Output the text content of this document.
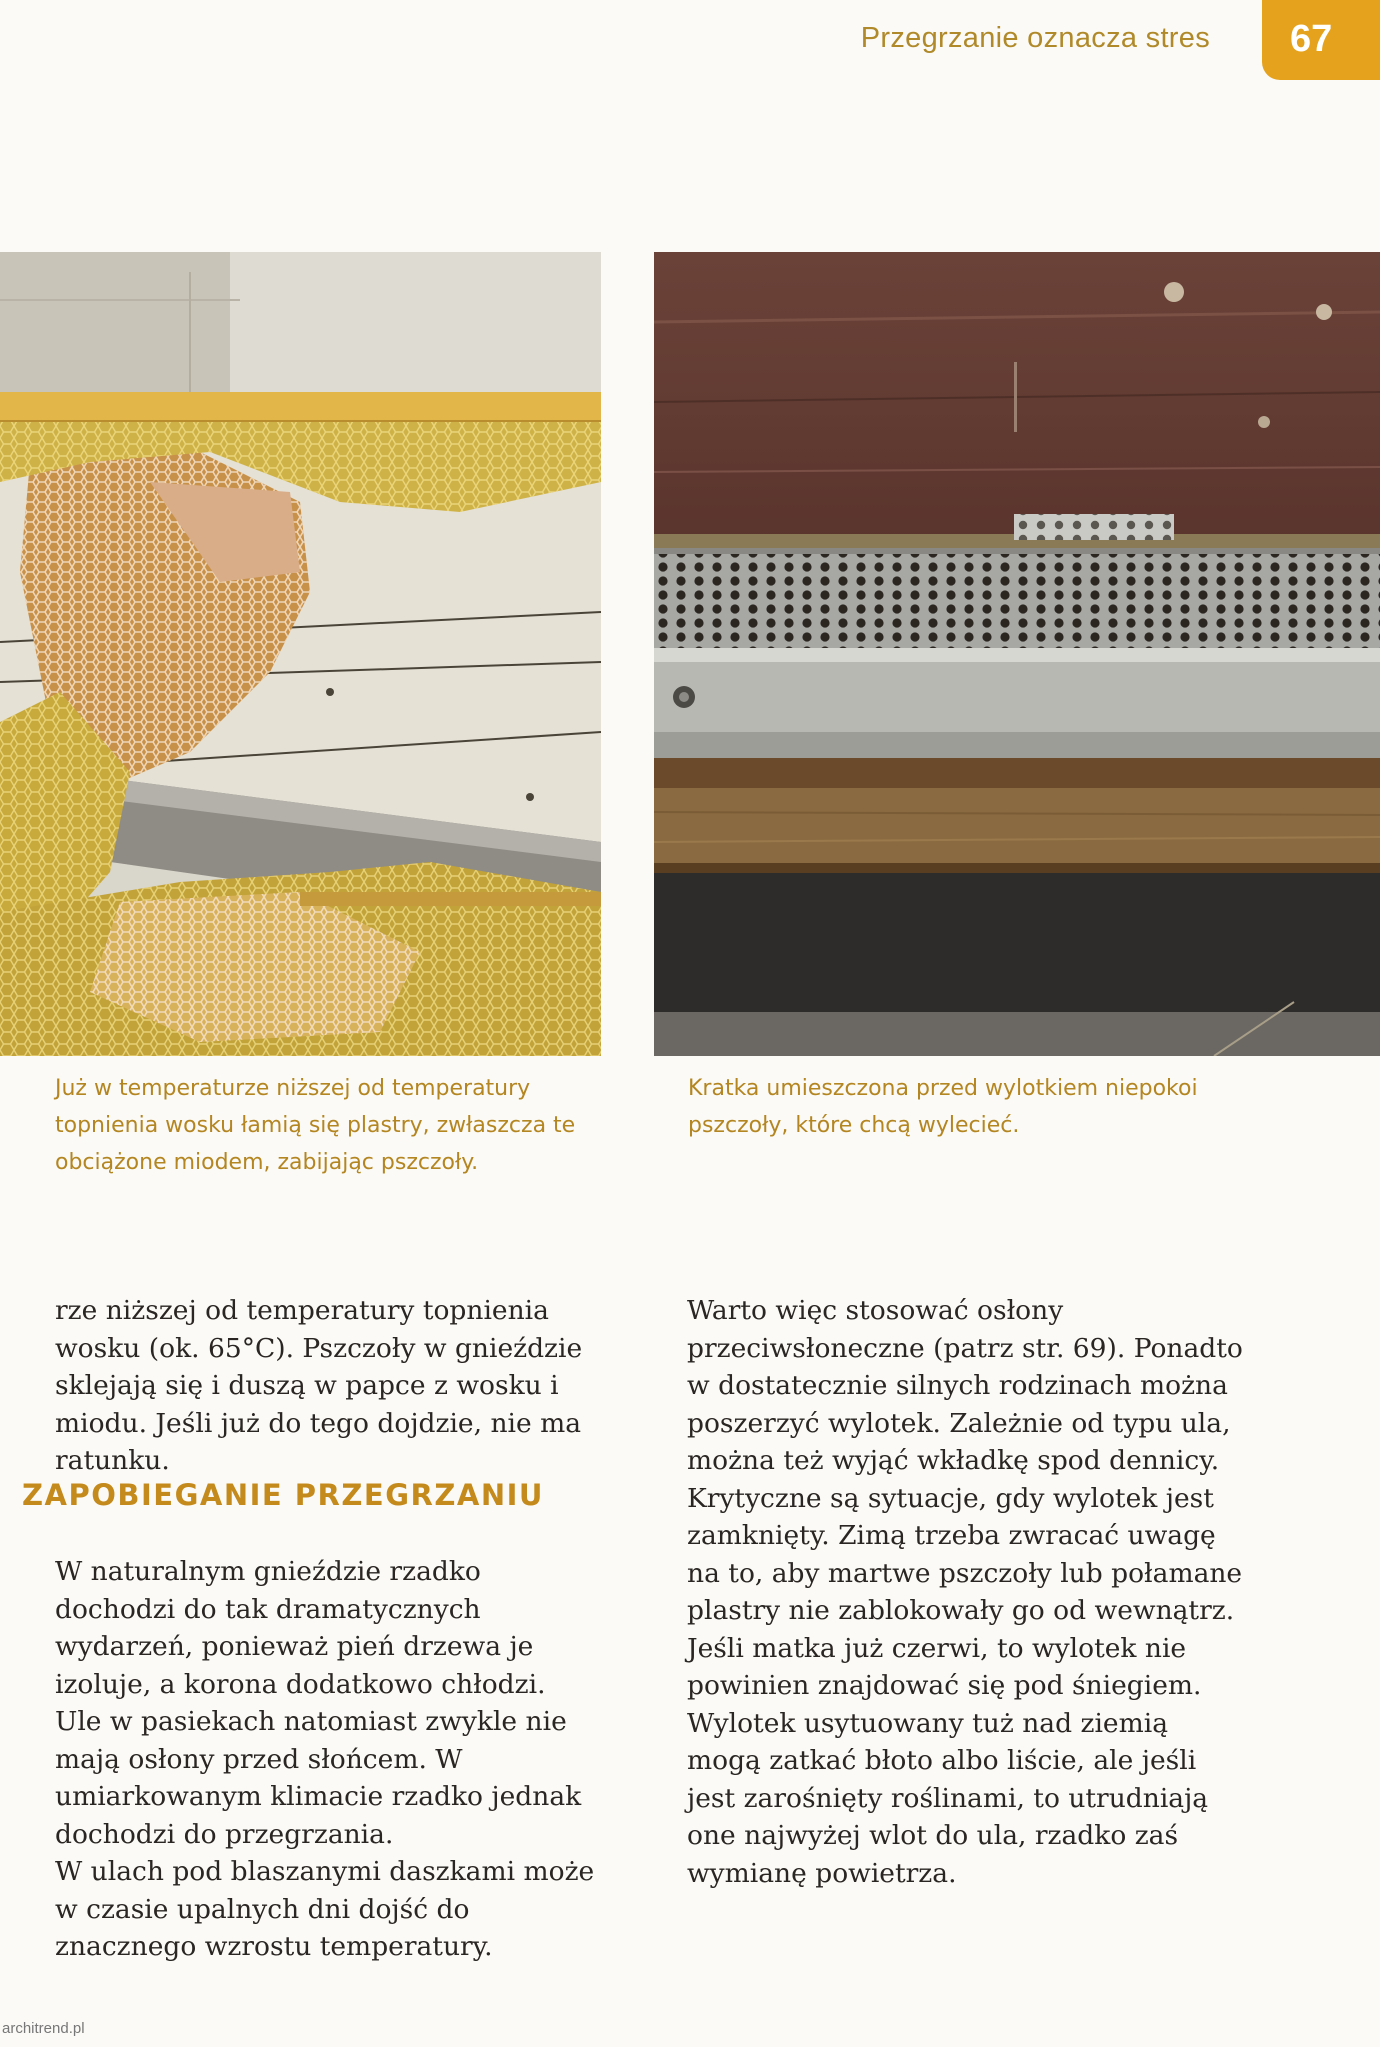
Przegrzanie oznacza stres 67
Już w temperaturze niższej od temperatury topnienia wosku łamią się plastry, zwłaszcza te obciążone miodem, zabijając pszczoły.
Kratka umieszczona przed wylotkiem niepokoi pszczoły, które chcą wylecieć.

rze niższej od temperatury topnienia wosku (ok. 65°C). Pszczoły w gnieździe sklejają się i duszą w papce z wosku i miodu. Jeśli już do tego dojdzie, nie ma ratunku.

ZAPOBIEGANIE PRZEGRZANIU

W naturalnym gnieździe rzadko dochodzi do tak dramatycznych wydarzeń, ponieważ pień drzewa je izoluje, a korona dodatkowo chłodzi. Ule w pasiekach natomiast zwykle nie mają osłony przed słońcem. W umiarkowanym klimacie rzadko jednak dochodzi do przegrzania.

W ulach pod blaszanymi daszkami może w czasie upalnych dni dojść do znacznego wzrostu temperatury.

Warto więc stosować osłony przeciwsłoneczne (patrz str. 69). Ponadto w dostatecznie silnych rodzinach można poszerzyć wylotek. Zależnie od typu ula, można też wyjąć wkładkę spod dennicy.

Krytyczne są sytuacje, gdy wylotek jest zamknięty. Zimą trzeba zwracać uwagę na to, aby martwe pszczoły lub połamane plastry nie zablokowały go od wewnątrz. Jeśli matka już czerwi, to wylotek nie powinien znajdować się pod śniegiem. Wylotek usytuowany tuż nad ziemią mogą zatkać błoto albo liście, ale jeśli jest zarośnięty roślinami, to utrudniają one najwyżej wlot do ula, rzadko zaś wymianę powietrza.

architrend.pl
